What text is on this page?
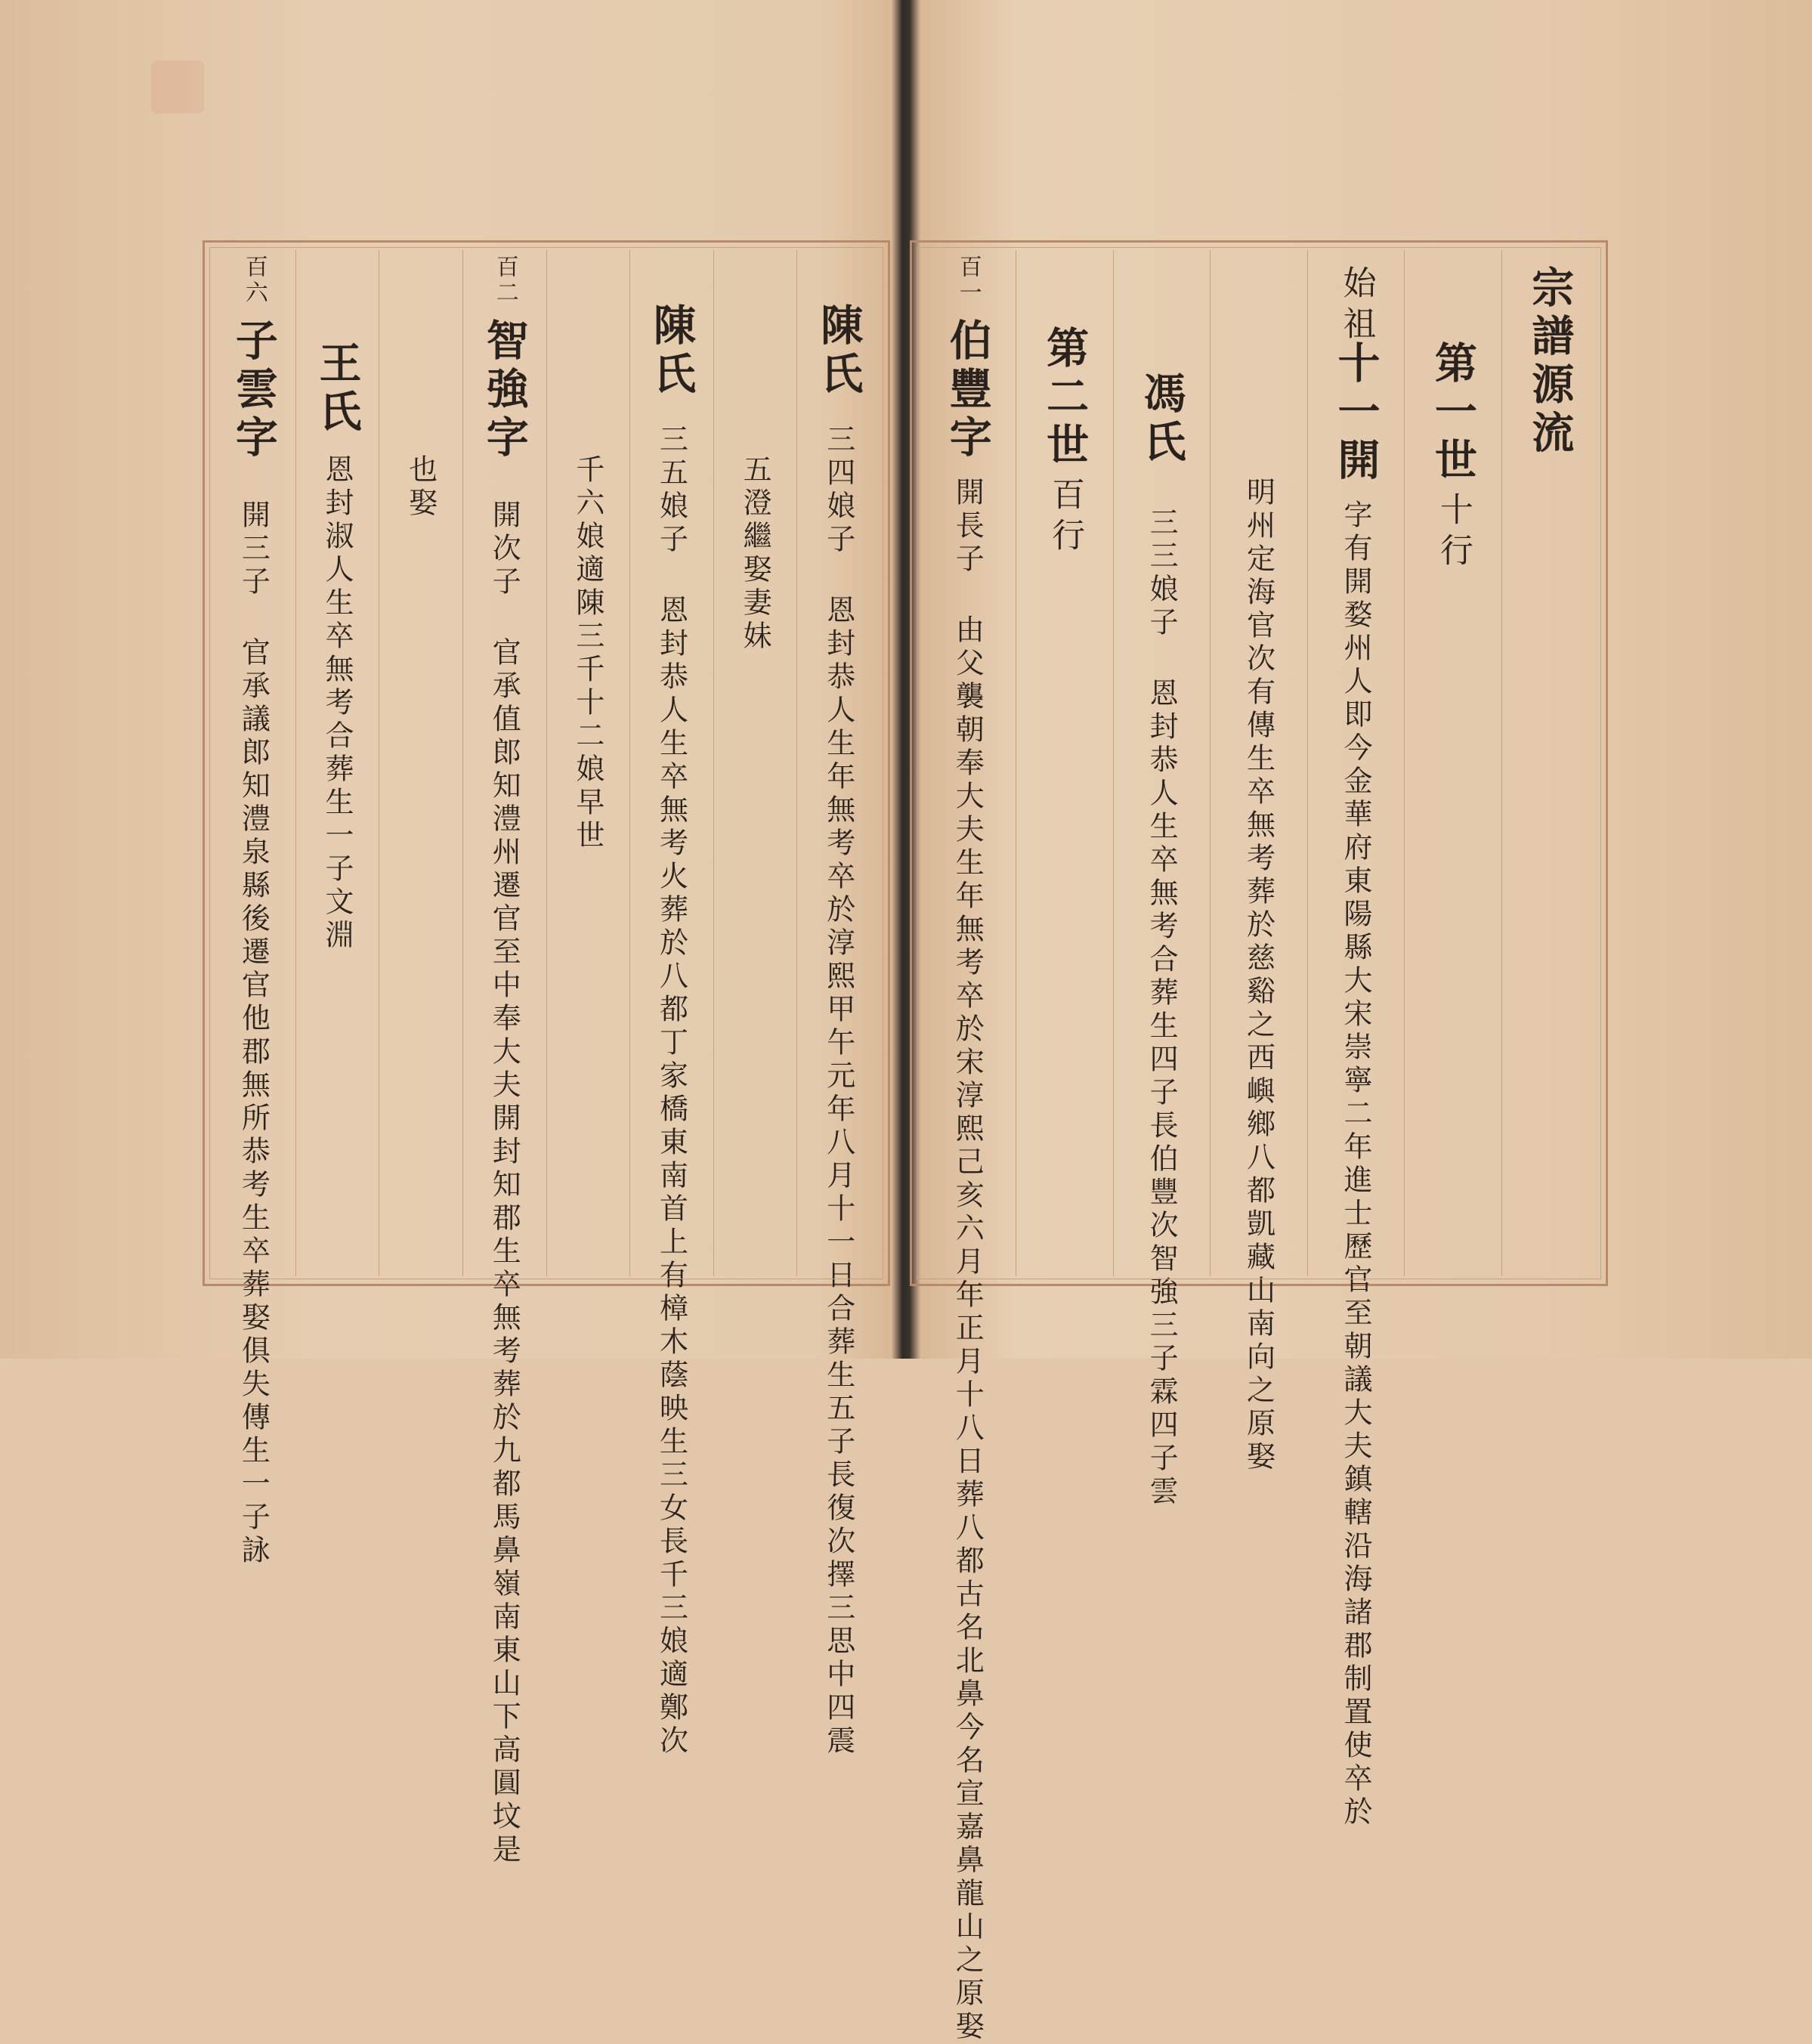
陳氏
三四娘子 恩封恭人生年無考卒於淳熙甲午元年八月十一日合葬生五子長復次擇三思中四震
五澄繼娶妻妹
陳氏
三五娘子 恩封恭人生卒無考火葬於八都丁家橋東南首上有樟木蔭映生三女長千三娘適鄭次
千六娘適陳三千十二娘早世
百二
智強字
開次子 官承值郎知澧州遷官至中奉大夫開封知郡生卒無考葬於九都馬鼻嶺南東山下高圓坟是
也娶
王氏
恩封淑人生卒無考合葬生一子文淵
百六
子雲字
開三子 官承議郎知澧泉縣後遷官他郡無所恭考生卒葬娶俱失傳生一子詠
宗譜源流
第一世
十行
始祖
十一開
字有開婺州人即今金華府東陽縣大宋崇寧二年進士歷官至朝議大夫鎮轄沿海諸郡制置使卒於
明州定海官次有傳生卒無考葬於慈谿之西嶼鄉八都凱藏山南向之原娶
馮氏
三三娘子 恩封恭人生卒無考合葬生四子長伯豐次智強三子霖四子雲
第二世
百行
百一
伯豐字
開長子 由父襲朝奉大夫生年無考卒於宋淳熙己亥六月年正月十八日葬八都古名北鼻今名宣嘉鼻龍山之原娶
